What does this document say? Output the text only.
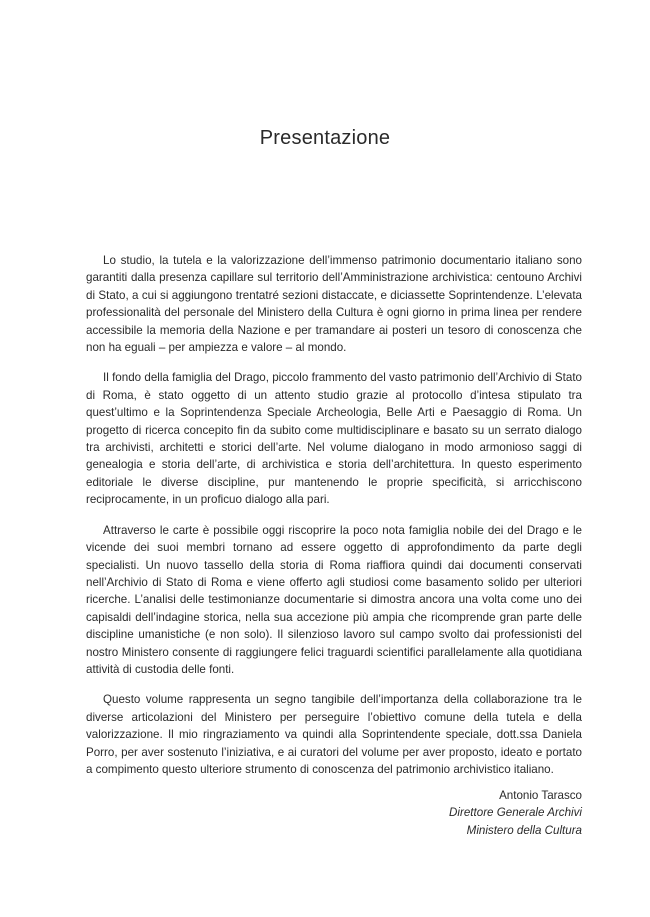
Presentazione

Lo studio, la tutela e la valorizzazione dell’immenso patrimonio documentario italiano sono garantiti dalla presenza capillare sul territorio dell’Amministrazione archivistica: centouno Archivi di Stato, a cui si aggiungono trentatré sezioni distaccate, e diciassette Soprintendenze. L’elevata professionalità del personale del Ministero della Cultura è ogni giorno in prima linea per rendere accessibile la memoria della Nazione e per tramandare ai posteri un tesoro di conoscenza che non ha eguali – per ampiezza e valore – al mondo.

Il fondo della famiglia del Drago, piccolo frammento del vasto patrimonio dell’Archivio di Stato di Roma, è stato oggetto di un attento studio grazie al protocollo d’intesa stipulato tra quest’ultimo e la Soprintendenza Speciale Archeologia, Belle Arti e Paesaggio di Roma. Un progetto di ricerca concepito fin da subito come multidisciplinare e basato su un serrato dialogo tra archivisti, architetti e storici dell’arte. Nel volume dialogano in modo armonioso saggi di genealogia e storia dell’arte, di archivistica e storia dell’architettura. In questo esperimento editoriale le diverse discipline, pur mantenendo le proprie specificità, si arricchiscono reciprocamente, in un proficuo dialogo alla pari.

Attraverso le carte è possibile oggi riscoprire la poco nota famiglia nobile dei del Drago e le vicende dei suoi membri tornano ad essere oggetto di approfondimento da parte degli specialisti. Un nuovo tassello della storia di Roma riaffiora quindi dai documenti conservati nell’Archivio di Stato di Roma e viene offerto agli studiosi come basamento solido per ulteriori ricerche. L’analisi delle testimonianze documentarie si dimostra ancora una volta come uno dei capisaldi dell’indagine storica, nella sua accezione più ampia che ricomprende gran parte delle discipline umanistiche (e non solo). Il silenzioso lavoro sul campo svolto dai professionisti del nostro Ministero consente di raggiungere felici traguardi scientifici parallelamente alla quotidiana attività di custodia delle fonti.

Questo volume rappresenta un segno tangibile dell’importanza della collaborazione tra le diverse articolazioni del Ministero per perseguire l’obiettivo comune della tutela e della valorizzazione. Il mio ringraziamento va quindi alla Soprintendente speciale, dott.ssa Daniela Porro, per aver sostenuto l’iniziativa, e ai curatori del volume per aver proposto, ideato e portato a compimento questo ulteriore strumento di conoscenza del patrimonio archivistico italiano.

Antonio Tarasco
Direttore Generale Archivi
Ministero della Cultura
